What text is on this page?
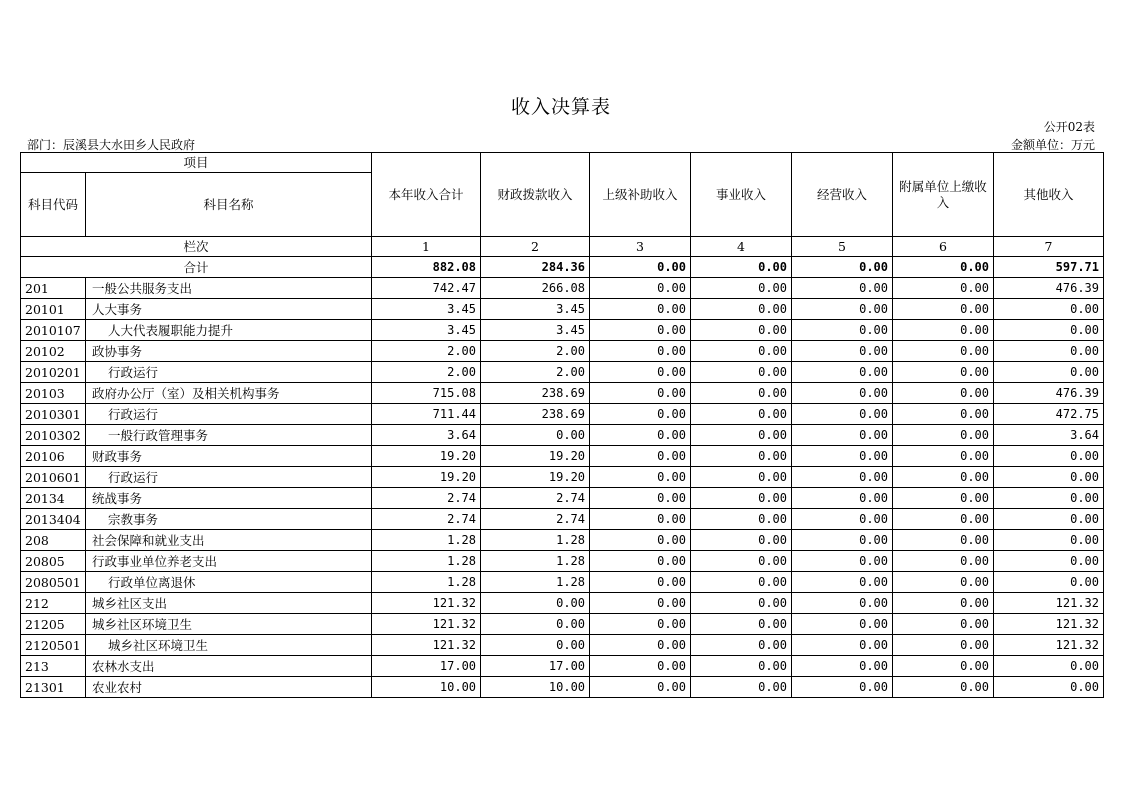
收入决算表
公开02表
部门：辰溪县大水田乡人民政府	金额单位：万元
项目		本年收入合计	财政拨款收入	上级补助收入	事业收入	经营收入	附属单位上缴收入	其他收入
科目代码	科目名称							
栏次		1	2	3	4	5	6	7
合计		882.08	284.36	0.00	0.00	0.00	0.00	597.71
201	一般公共服务支出	742.47	266.08	0.00	0.00	0.00	0.00	476.39
20101	人大事务	3.45	3.45	0.00	0.00	0.00	0.00	0.00
2010107	人大代表履职能力提升	3.45	3.45	0.00	0.00	0.00	0.00	0.00
20102	政协事务	2.00	2.00	0.00	0.00	0.00	0.00	0.00
2010201	行政运行	2.00	2.00	0.00	0.00	0.00	0.00	0.00
20103	政府办公厅（室）及相关机构事务	715.08	238.69	0.00	0.00	0.00	0.00	476.39
2010301	行政运行	711.44	238.69	0.00	0.00	0.00	0.00	472.75
2010302	一般行政管理事务	3.64	0.00	0.00	0.00	0.00	0.00	3.64
20106	财政事务	19.20	19.20	0.00	0.00	0.00	0.00	0.00
2010601	行政运行	19.20	19.20	0.00	0.00	0.00	0.00	0.00
20134	统战事务	2.74	2.74	0.00	0.00	0.00	0.00	0.00
2013404	宗教事务	2.74	2.74	0.00	0.00	0.00	0.00	0.00
208	社会保障和就业支出	1.28	1.28	0.00	0.00	0.00	0.00	0.00
20805	行政事业单位养老支出	1.28	1.28	0.00	0.00	0.00	0.00	0.00
2080501	行政单位离退休	1.28	1.28	0.00	0.00	0.00	0.00	0.00
212	城乡社区支出	121.32	0.00	0.00	0.00	0.00	0.00	121.32
21205	城乡社区环境卫生	121.32	0.00	0.00	0.00	0.00	0.00	121.32
2120501	城乡社区环境卫生	121.32	0.00	0.00	0.00	0.00	0.00	121.32
213	农林水支出	17.00	17.00	0.00	0.00	0.00	0.00	0.00
21301	农业农村	10.00	10.00	0.00	0.00	0.00	0.00	0.00
